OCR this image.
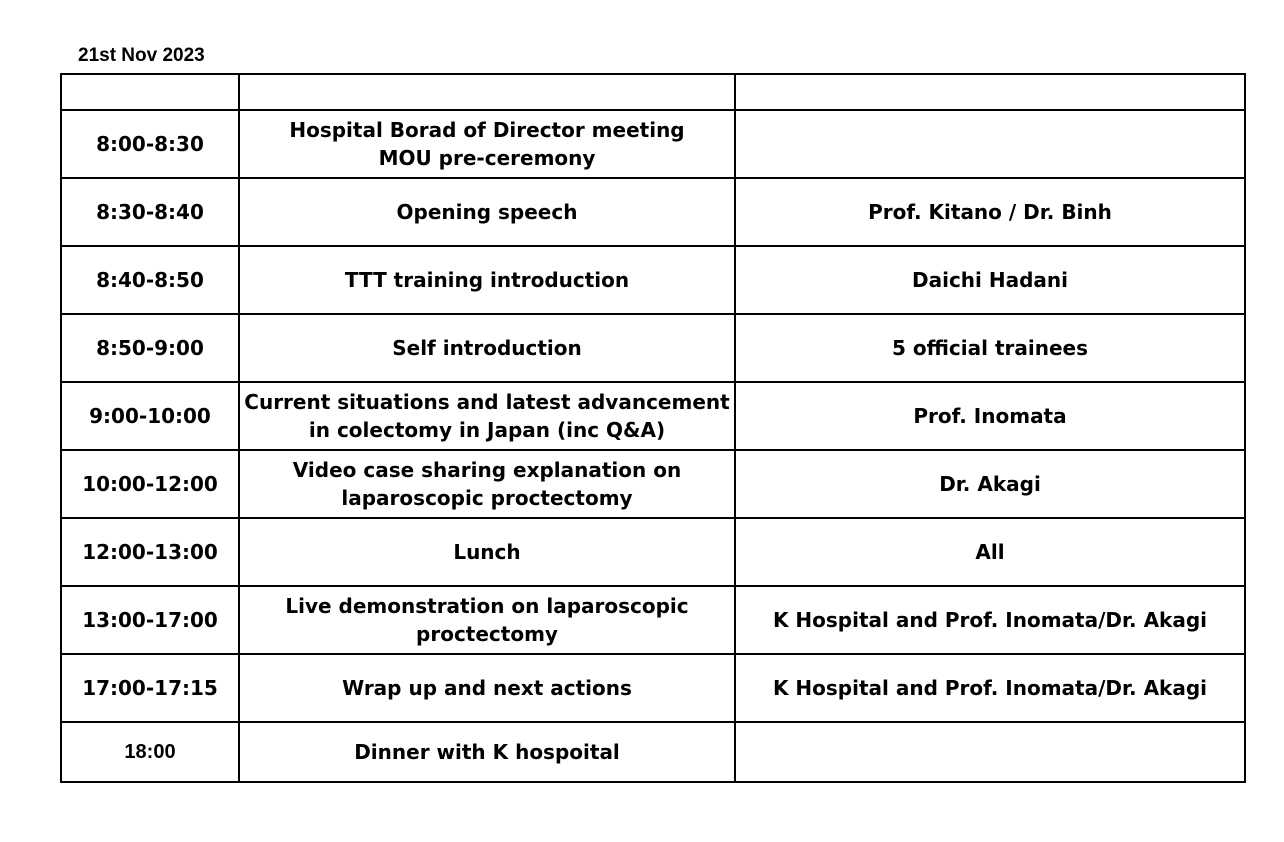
21st Nov 2023

8:00-8:30	Hospital Borad of Director meeting
MOU pre-ceremony	
8:30-8:40	Opening speech	Prof. Kitano / Dr. Binh
8:40-8:50	TTT training introduction	Daichi Hadani
8:50-9:00	Self introduction	5 official trainees
9:00-10:00	Current situations and latest advancement
in colectomy in Japan (inc Q&A)	Prof. Inomata
10:00-12:00	Video case sharing explanation on
laparoscopic proctectomy	Dr. Akagi
12:00-13:00	Lunch	All
13:00-17:00	Live demonstration on laparoscopic
proctectomy	K Hospital and Prof. Inomata/Dr. Akagi
17:00-17:15	Wrap up and next actions	K Hospital and Prof. Inomata/Dr. Akagi
18:00	Dinner with K hospoital	
